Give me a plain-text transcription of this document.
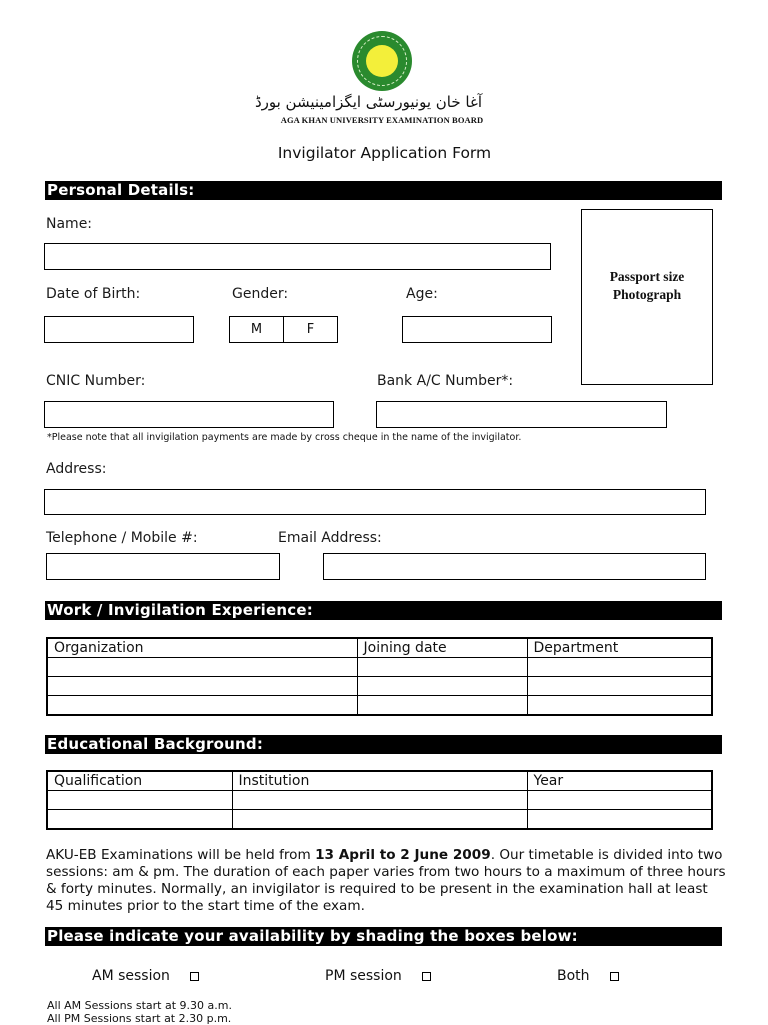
آغا خان یونیورسٹی ایگزامینیشن بورڈ
AGA KHAN UNIVERSITY EXAMINATION BOARD
Invigilator Application Form
Personal Details:
Name:
Passport size
Photograph
Date of Birth:	Gender:	Age:
M	F
CNIC Number:	Bank A/C Number*:
*Please note that all invigilation payments are made by cross cheque in the name of the invigilator.
Address:
Telephone / Mobile #:	Email Address:
Work / Invigilation Experience:
Organization	Joining date	Department

Educational Background:
Qualification	Institution	Year

AKU-EB Examinations will be held from 13 April to 2 June 2009. Our timetable is divided into two sessions: am & pm. The duration of each paper varies from two hours to a maximum of three hours & forty minutes. Normally, an invigilator is required to be present in the examination hall at least 45 minutes prior to the start time of the exam.

Please indicate your availability by shading the boxes below:
AM session	PM session	Both
All AM Sessions start at 9.30 a.m.
All PM Sessions start at 2.30 p.m.
